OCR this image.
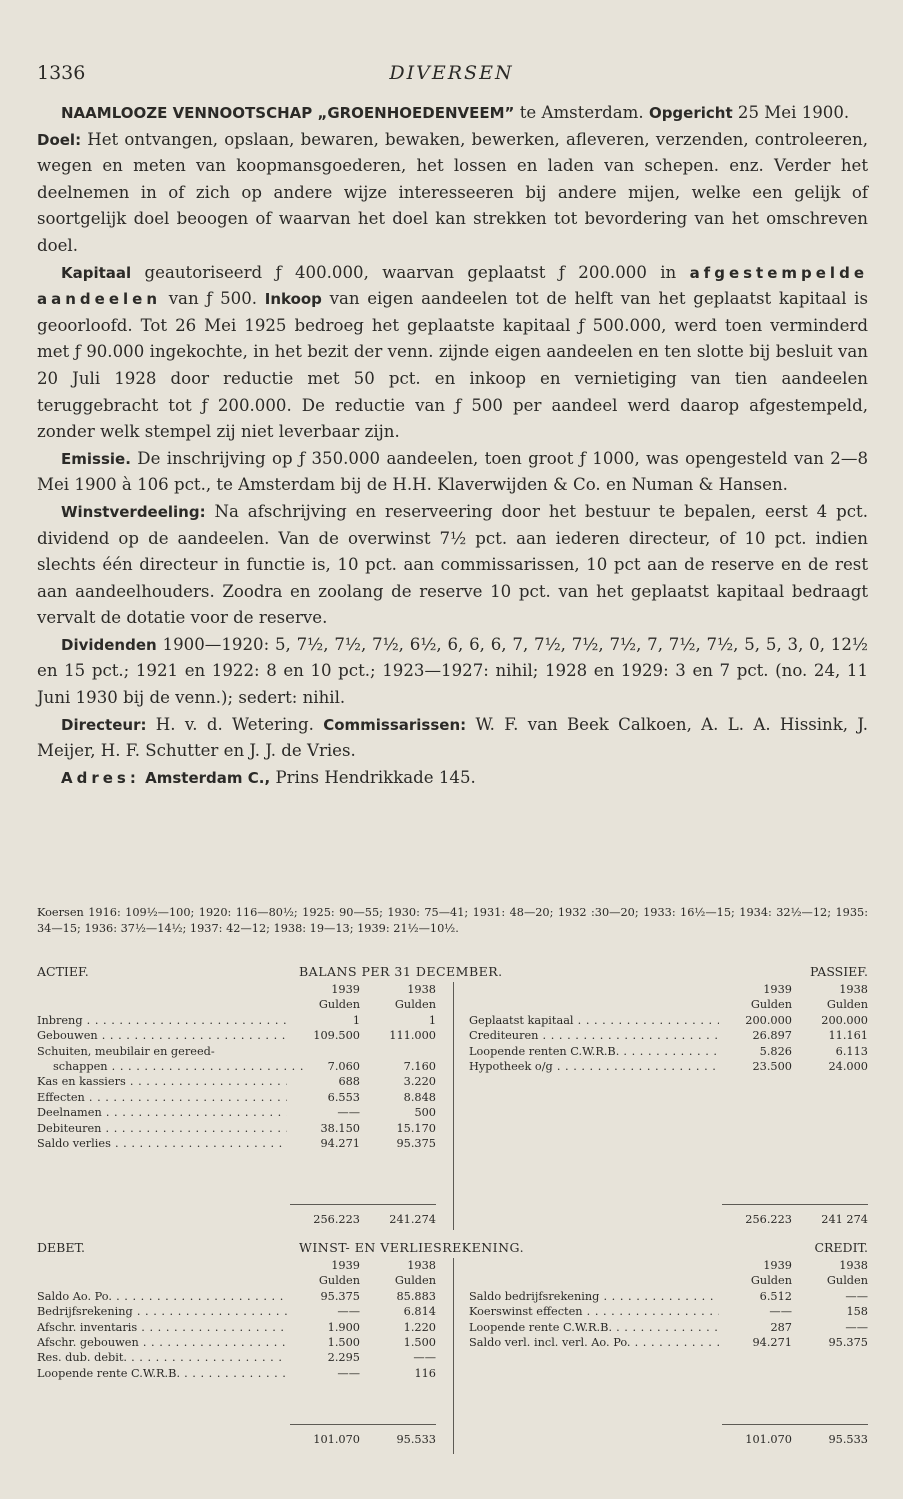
1336	DIVERSEN

NAAMLOOZE VENNOOTSCHAP „GROENHOEDENVEEM” te Amsterdam. Opgericht 25 Mei 1900.

Doel: Het ontvangen, opslaan, bewaren, bewaken, bewerken, afleveren, verzenden, controleeren, wegen en meten van koopmansgoederen, het lossen en laden van schepen. enz. Verder het deelnemen in of zich op andere wijze interesseeren bij andere mijen, welke een gelijk of soortgelijk doel beoogen of waarvan het doel kan strekken tot bevordering van het omschreven doel.

Kapitaal geautoriseerd ƒ 400.000, waarvan geplaatst ƒ 200.000 in afgestempelde aandeelen van ƒ 500. Inkoop van eigen aandeelen tot de helft van het geplaatst kapitaal is geoorloofd. Tot 26 Mei 1925 bedroeg het geplaatste kapitaal ƒ 500.000, werd toen verminderd met ƒ 90.000 ingekochte, in het bezit der venn. zijnde eigen aandeelen en ten slotte bij besluit van 20 Juli 1928 door reductie met 50 pct. en inkoop en vernietiging van tien aandeelen teruggebracht tot ƒ 200.000. De reductie van ƒ 500 per aandeel werd daarop afgestempeld, zonder welk stempel zij niet leverbaar zijn.

Emissie. De inschrijving op ƒ 350.000 aandeelen, toen groot ƒ 1000, was opengesteld van 2—8 Mei 1900 à 106 pct., te Amsterdam bij de H.H. Klaverwijden & Co. en Numan & Hansen.

Winstverdeeling: Na afschrijving en reserveering door het bestuur te bepalen, eerst 4 pct. dividend op de aandeelen. Van de overwinst 7½ pct. aan iederen directeur, of 10 pct. indien slechts één directeur in functie is, 10 pct. aan commissarissen, 10 pct aan de reserve en de rest aan aandeelhouders. Zoodra en zoolang de reserve 10 pct. van het geplaatst kapitaal bedraagt vervalt de dotatie voor de reserve.

Dividenden 1900—1920: 5, 7½, 7½, 7½, 6½, 6, 6, 6, 7, 7½, 7½, 7½, 7, 7½, 7½, 5, 5, 3, 0, 12½ en 15 pct.; 1921 en 1922: 8 en 10 pct.; 1923—1927: nihil; 1928 en 1929: 3 en 7 pct. (no. 24, 11 Juni 1930 bij de venn.); sedert: nihil.

Directeur: H. v. d. Wetering. Commissarissen: W. F. van Beek Calkoen, A. L. A. Hissink, J. Meijer, H. F. Schutter en J. J. de Vries.

Adres: Amsterdam C., Prins Hendrikkade 145.

Koersen 1916: 109½—100; 1920: 116—80½; 1925: 90—55; 1930: 75—41; 1931: 48—20; 1932 :30—20; 1933: 16½—15; 1934: 32½—12; 1935: 34—15; 1936: 37½—14½; 1937: 42—12; 1938: 19—13; 1939: 21½—10½.
ACTIEF.	BALANS PER 31 DECEMBER.	PASSIEF.
1939	1938
Gulden	Gulden
Inbreng . . .	1	1
Gebouwen . . .	109.500	111.000
Schuiten, meubilair en gereed-
schappen . . .	7.060	7.160
Kas en kassiers . . .	688	3.220
Effecten . . .	6.553	8.848
Deelnamen . . .	——	500
Debiteuren . . .	38.150	15.170
Saldo verlies . . .	94.271	95.375
1939	1938
Gulden	Gulden
Geplaatst kapitaal . . .	200.000	200.000
Crediteuren . . .	26.897	11.161
Loopende renten C.W.R.B. . . .	5.826	6.113
Hypotheek o/g . . .	23.500	24.000
256.223	241.274	256.223	241 274
DEBET.	WINST- EN VERLIESREKENING.	CREDIT.
1939	1938
Gulden	Gulden
Saldo Ao. Po. . . .	95.375	85.883
Bedrijfsrekening . . .	——	6.814
Afschr. inventaris . . .	1.900	1.220
Afschr. gebouwen . . .	1.500	1.500
Res. dub. debit. . . .	2.295	——
Loopende rente C.W.R.B. . . .	——	116
1939	1938
Gulden	Gulden
Saldo bedrijfsrekening . . .	6.512	——
Koerswinst effecten . . .	——	158
Loopende rente C.W.R.B. . . .	287	——
Saldo verl. incl. verl. Ao. Po. . . .	94.271	95.375
101.070	95.533	101.070	95.533
